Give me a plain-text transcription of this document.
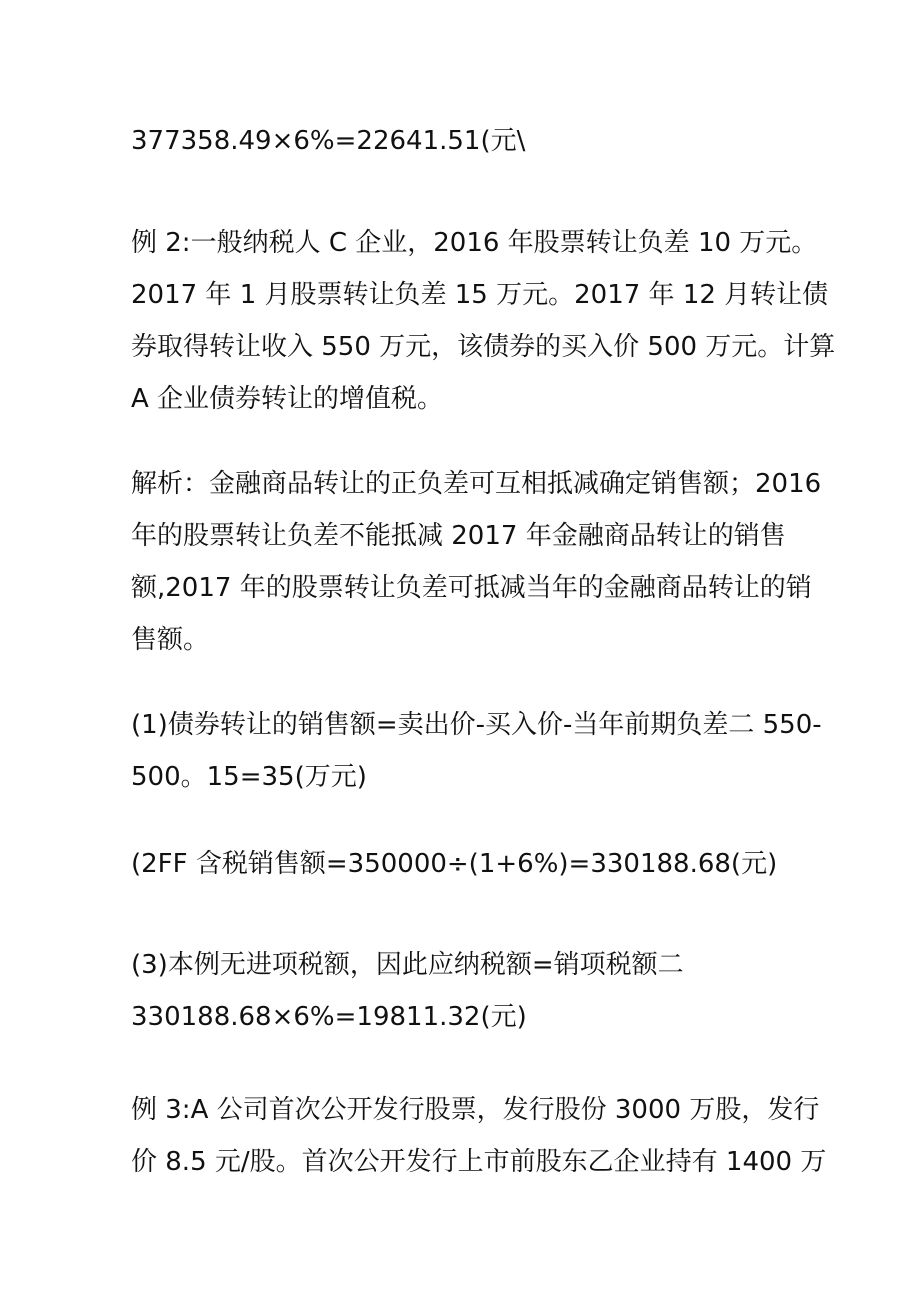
377358.49×6%=22641.51(元\

例 2:一般纳税人 C 企业，2016 年股票转让负差 10 万元。
2017 年 1 月股票转让负差 15 万元。2017 年 12 月转让债
券取得转让收入 550 万元，该债券的买入价 500 万元。计算
A 企业债券转让的增值税。

解析：金融商品转让的正负差可互相抵减确定销售额；2016
年的股票转让负差不能抵减 2017 年金融商品转让的销售
额,2017 年的股票转让负差可抵减当年的金融商品转让的销
售额。

(1)债券转让的销售额=卖出价-买入价-当年前期负差二 550-
500。15=35(万元)

(2FF 含税销售额=350000÷(1+6%)=330188.68(元)

(3)本例无进项税额，因此应纳税额=销项税额二
330188.68×6%=19811.32(元)

例 3:A 公司首次公开发行股票，发行股份 3000 万股，发行
价 8.5 元/股。首次公开发行上市前股东乙企业持有 1400 万
